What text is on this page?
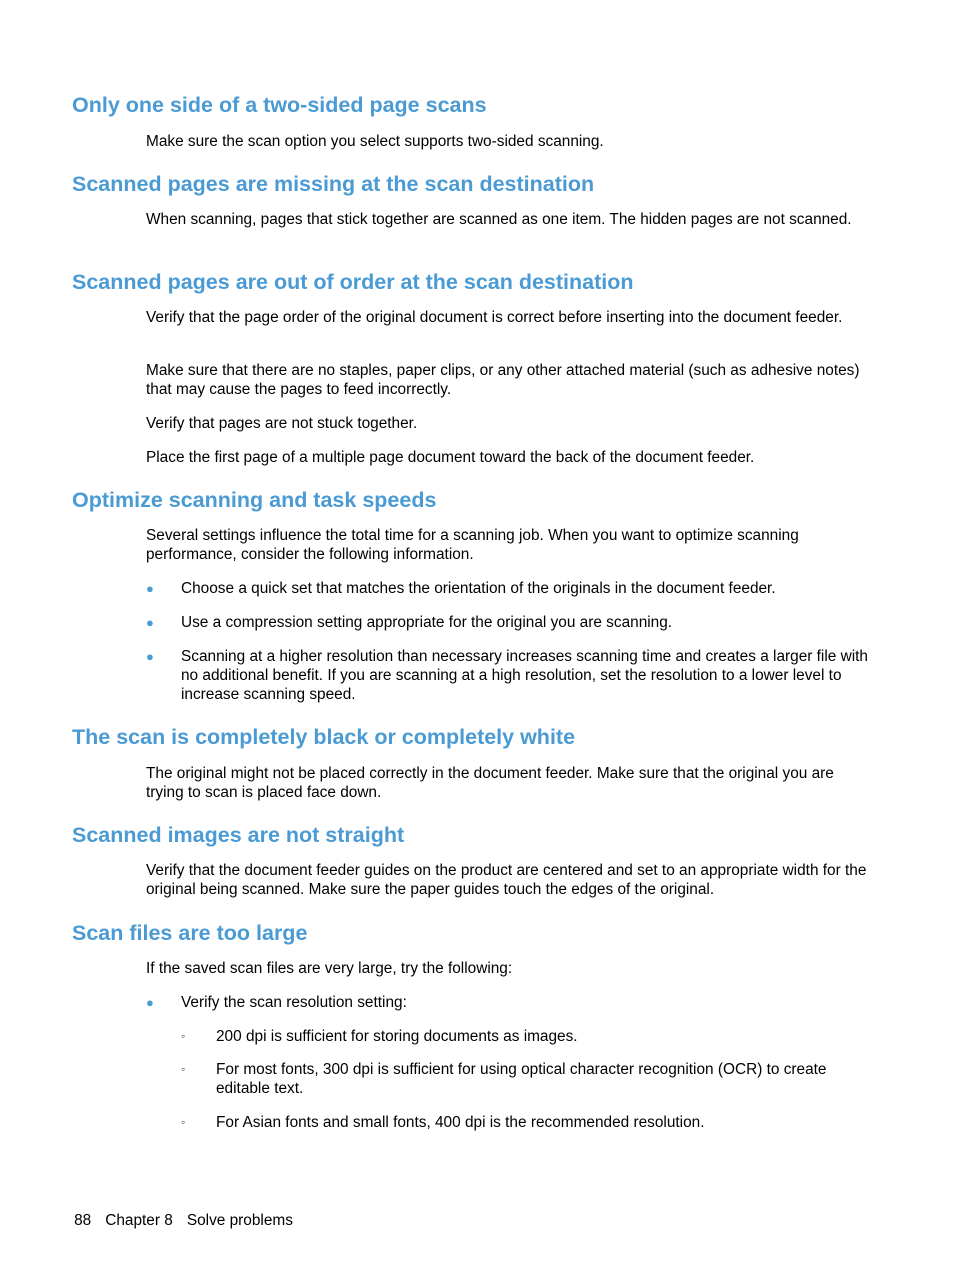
Only one side of a two-sided page scans

Make sure the scan option you select supports two-sided scanning.

Scanned pages are missing at the scan destination

When scanning, pages that stick together are scanned as one item. The hidden pages are not scanned.

Scanned pages are out of order at the scan destination

Verify that the page order of the original document is correct before inserting into the document feeder.

Make sure that there are no staples, paper clips, or any other attached material (such as adhesive notes) that may cause the pages to feed incorrectly.

Verify that pages are not stuck together.

Place the first page of a multiple page document toward the back of the document feeder.

Optimize scanning and task speeds

Several settings influence the total time for a scanning job. When you want to optimize scanning performance, consider the following information.

● Choose a quick set that matches the orientation of the originals in the document feeder.

● Use a compression setting appropriate for the original you are scanning.

● Scanning at a higher resolution than necessary increases scanning time and creates a larger file with no additional benefit. If you are scanning at a high resolution, set the resolution to a lower level to increase scanning speed.

The scan is completely black or completely white

The original might not be placed correctly in the document feeder. Make sure that the original you are trying to scan is placed face down.

Scanned images are not straight

Verify that the document feeder guides on the product are centered and set to an appropriate width for the original being scanned. Make sure the paper guides touch the edges of the original.

Scan files are too large

If the saved scan files are very large, try the following:

● Verify the scan resolution setting:

◦	200 dpi is sufficient for storing documents as images.

◦	For most fonts, 300 dpi is sufficient for using optical character recognition (OCR) to create editable text.

◦	For Asian fonts and small fonts, 400 dpi is the recommended resolution.

88 Chapter 8 Solve problems
